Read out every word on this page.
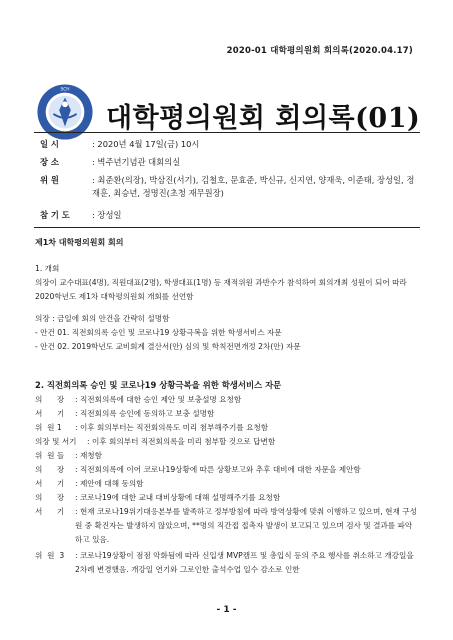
2020-01 대학평의원회 회의록(2020.04.17)
SCH
대학평의원회 회의록(01)
일 시	: 2020년 4월 17일(금) 10시
장 소	: 벽주년기념관 대회의실
위 원	: 최준환(의장), 박삼진(서기), 김철호, 문효준, 박신규, 신지연, 양재욱, 이준태, 장성일, 정재훈, 최승년, 정명진(초청 재무원장)
참 기 도	: 장성일
제1차 대학평의원회 회의
1. 개회
의장이 교수대표(4명), 직원대표(2명), 학생대표(1명) 등 재적위원 과반수가 참석하여 회의개최 성원이 되어 따라 2020학년도 제1차 대학평의원회 개회를 선언함
의장 : 금일에 회의 안건을 간략히 설명함
- 안건 01. 직전회의록 승인 및 코로나19 상황극복을 위한 학생서비스 자문
- 안건 02. 2019학년도 교비회계 결산서(안) 심의 및 학칙전면개정 2차(안) 자문
2. 직전회의록 승인 및 코로나19 상황극복을 위한 학생서비스 자문
의      장 : 직전회의록에 대한 승인 제안 및 보충설명 요청함
서      기 : 직전회의록 승인에 동의하고 보충 설명함
위  원 1 : 이후 회의부터는 직전회의록도 미리 첨부해주기를 요청함
의장 및 서기 : 이후 회의부터 직전회의록을 미리 첨부할 것으로 답변함
위  원 들 : 재청함
의      장 : 직전회의록에 이어 코로나19상황에 따른 상황보고와 추후 대비에 대한 자문을 제안함
서      기 : 제안에 대해 동의함
의      장 : 코로나19에 대한 교내 대비상황에 대해 설명해주기를 요청함
서      기 : 현재 코로나19위기대응본부를 발족하고 정부방침에 따라 방역상황에 맞춰 이행하고 있으며, 현재 구성원 중 확진자는 발생하지 않았으며, **명의 직간접 접촉자 발생이 보고되고 있으며 검사 및 결과를 파악하고 있음.
위  원  3 : 코로나19상황이 점점 악화됨에 따라 신입생 MVP캠프 및 총입식 등의 주요 행사를 취소하고 개강일을 2차례 변경했음. 개강일 연기와 그로인한 출석수업 일수 감소로 인한
- 1 -
